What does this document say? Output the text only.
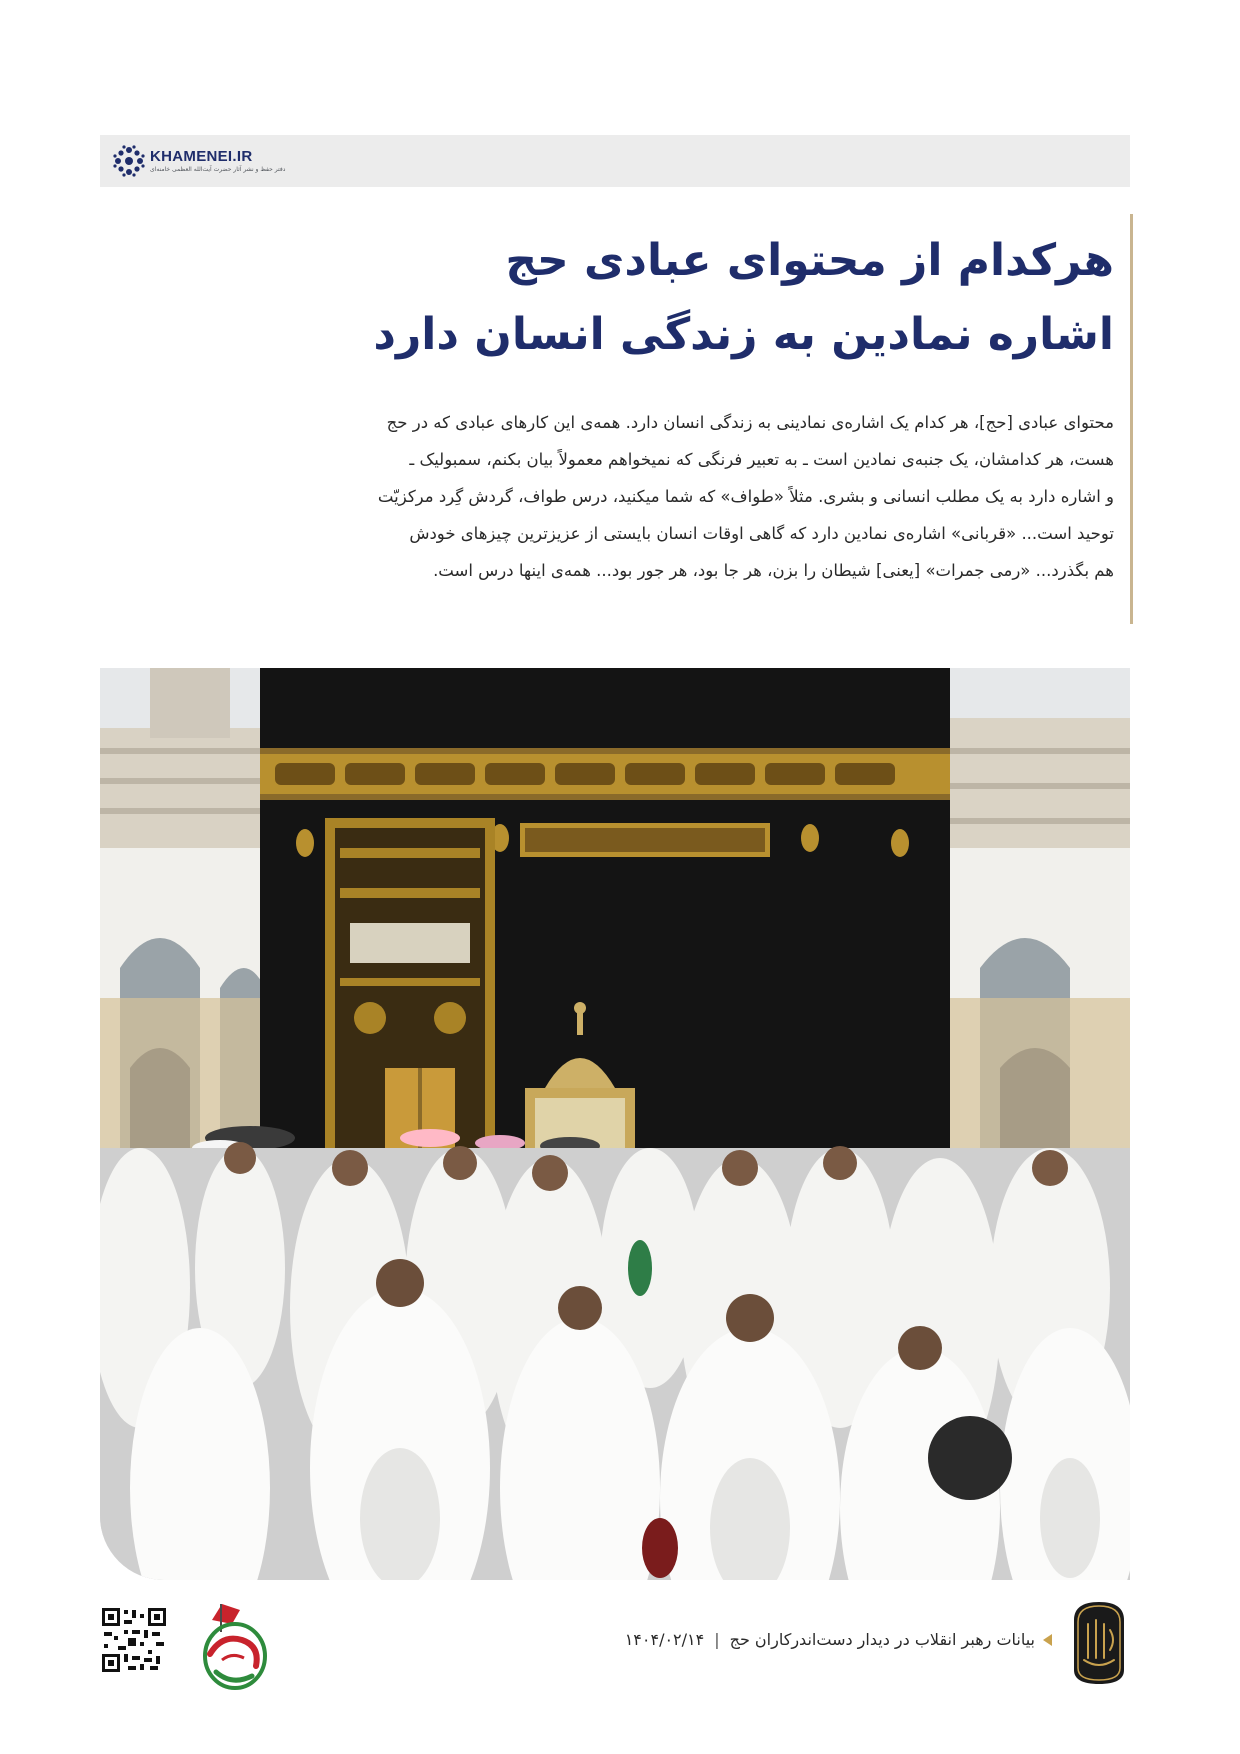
KHAMENEI.IR
دفتر حفظ و نشر آثار حضرت آیت‌الله العظمی خامنه‌ای
هرکدام از محتوای عبادی حج
اشاره نمادین به زندگی انسان دارد

محتوای عبادی [حج]، هر کدام یک اشاره‌ی نمادینی به زندگی انسان دارد. همه‌ی این کارهای عبادی که در حج
هست، هر کدامشان، یک جنبه‌ی نمادین است ـ به تعبیر فرنگی که نمیخواهم معمولاً بیان بکنم، سمبولیک ـ
و اشاره دارد به یک مطلب انسانی و بشری. مثلاً «طواف» که شما میکنید، درس طواف، گردش گِرد مرکزیّت
توحید است... «قربانی» اشاره‌ی نمادین دارد که گاهی اوقات انسان بایستی از عزیزترین چیزهای خودش
هم بگذرد... «رمی جمرات» [یعنی] شیطان را بزن، هر جا بود، هر جور بود... همه‌ی اینها درس است.

بیانات رهبر انقلاب در دیدار دست‌اندرکاران حج
|
۱۴۰۴/۰۲/۱۴
